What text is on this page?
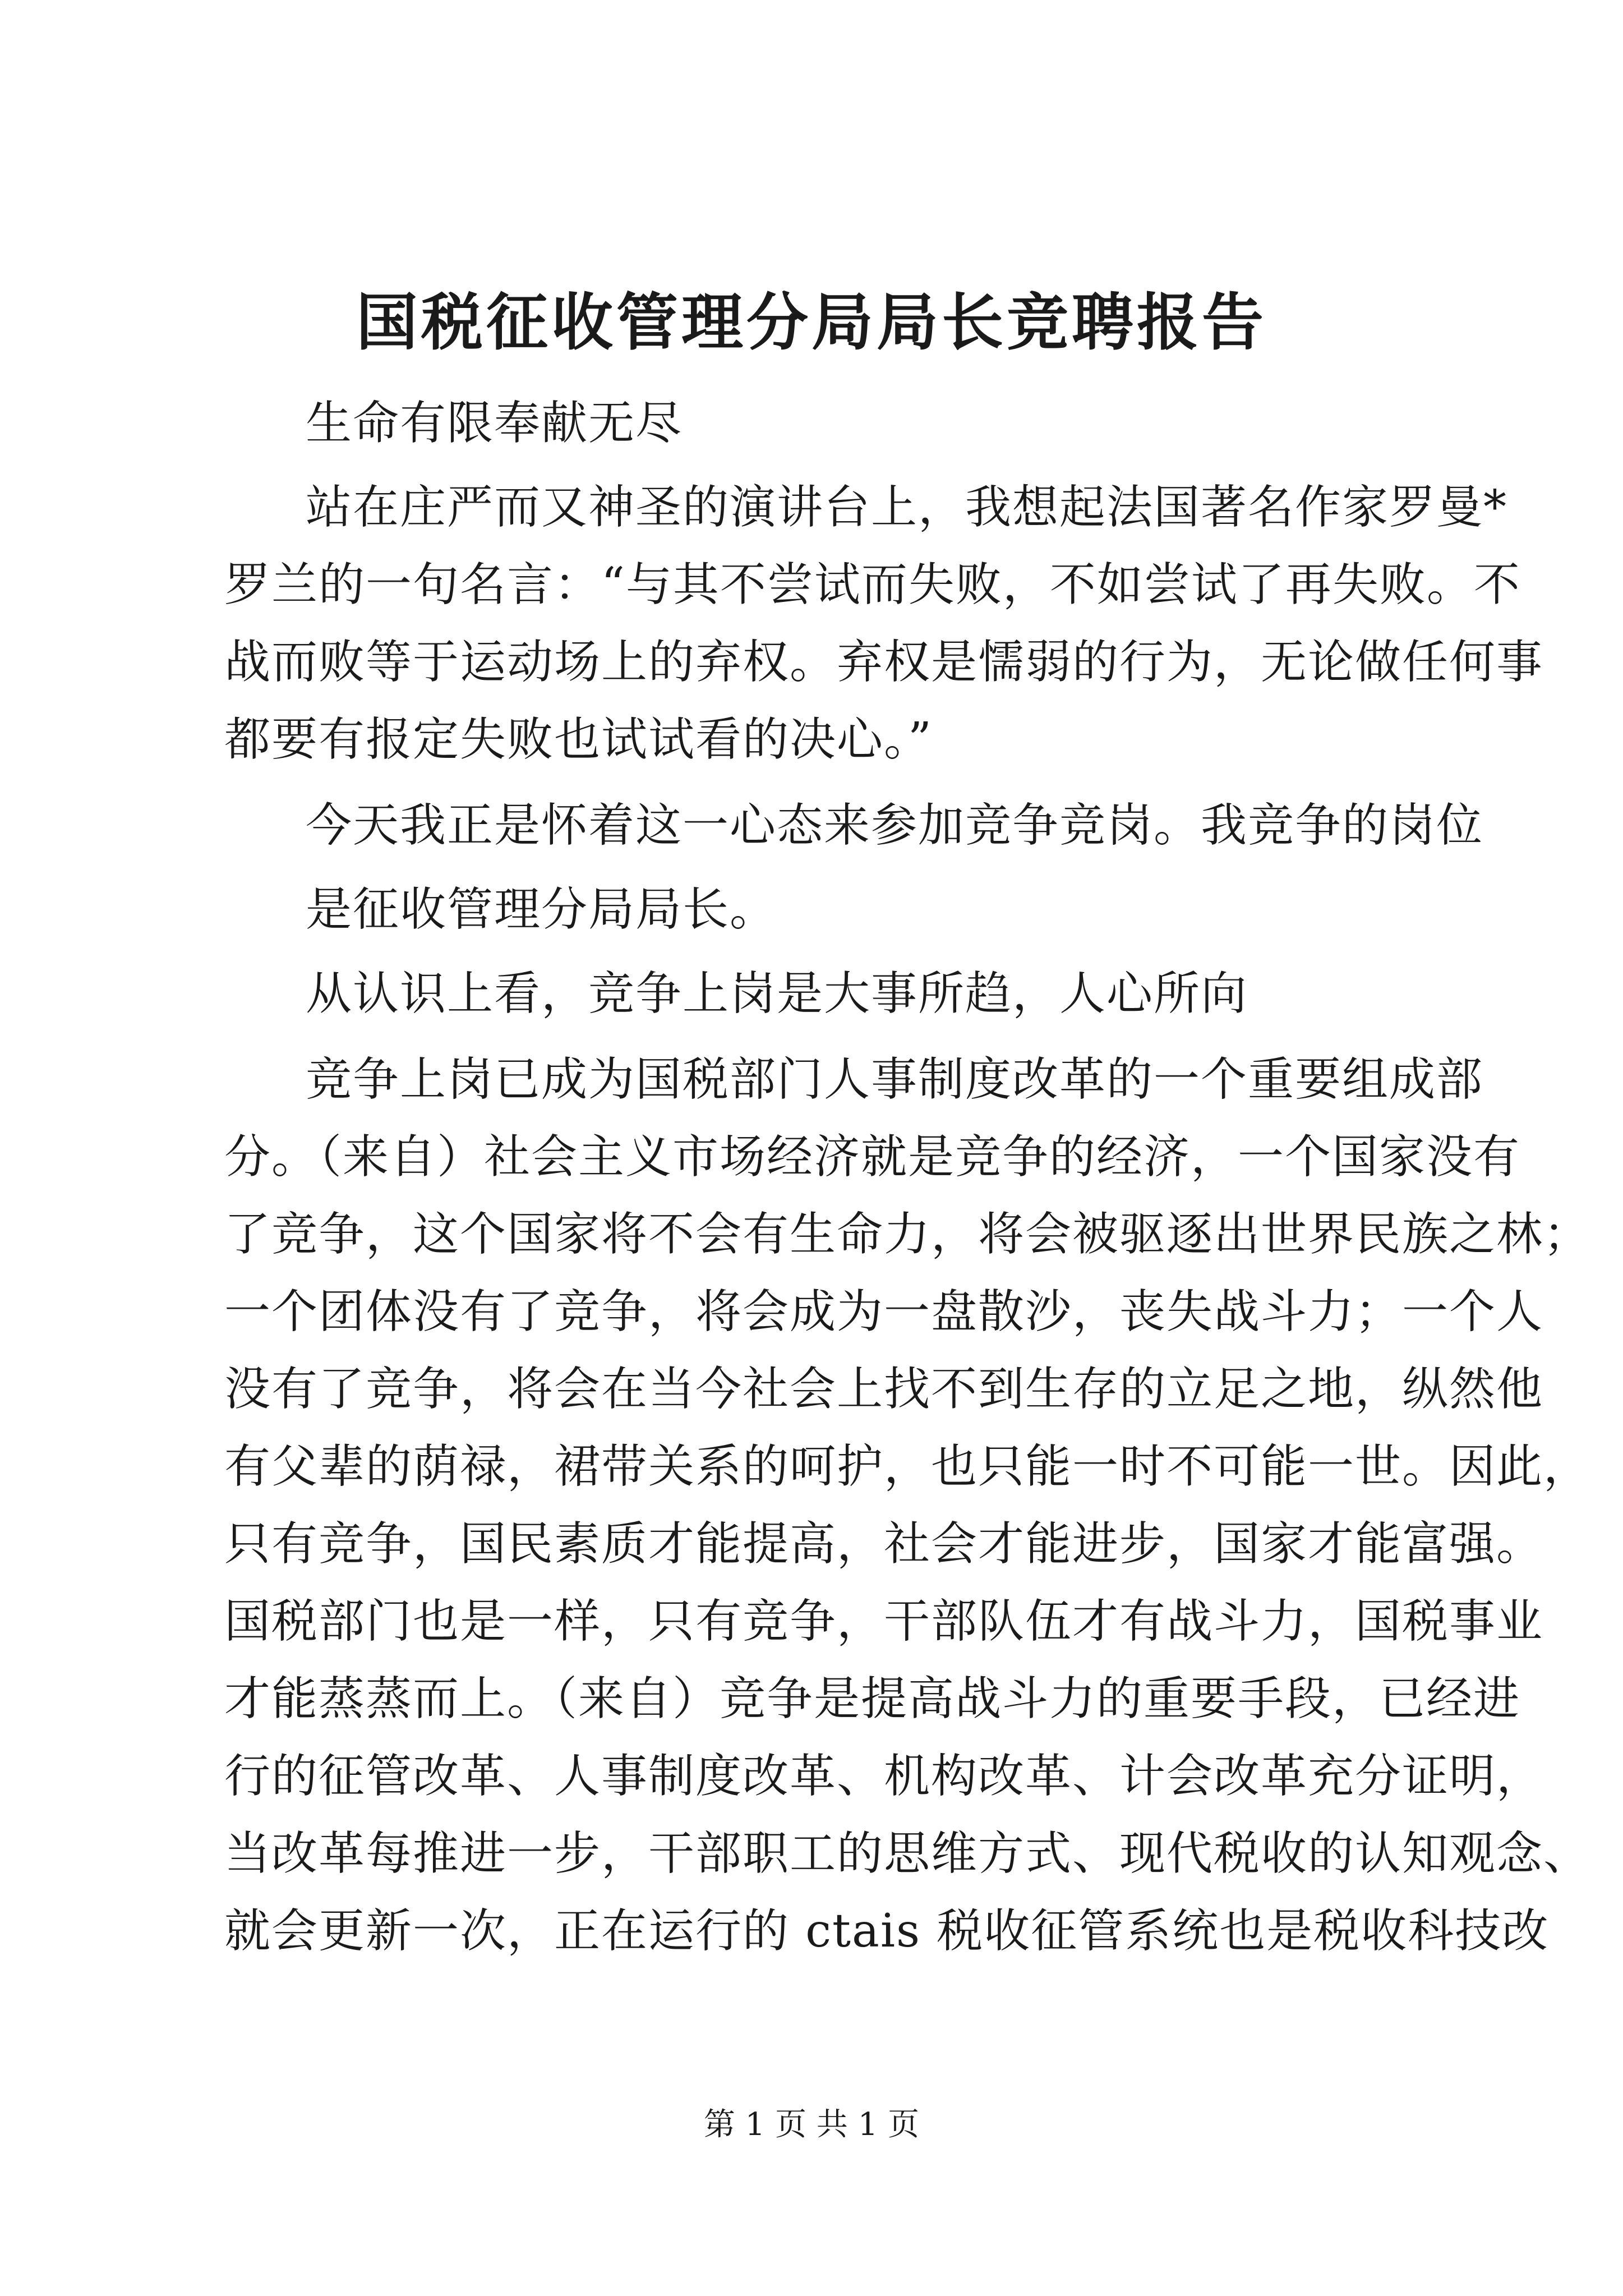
国税征收管理分局局长竞聘报告
生命有限奉献无尽
站在庄严而又神圣的演讲台上，我想起法国著名作家罗曼*
罗兰的一句名言：“与其不尝试而失败，不如尝试了再失败。不
战而败等于运动场上的弃权。弃权是懦弱的行为，无论做任何事
都要有报定失败也试试看的决心。”
今天我正是怀着这一心态来参加竞争竞岗。我竞争的岗位
是征收管理分局局长。
从认识上看，竞争上岗是大事所趋，人心所向
竞争上岗已成为国税部门人事制度改革的一个重要组成部
分。（来自）社会主义市场经济就是竞争的经济，一个国家没有
了竞争，这个国家将不会有生命力，将会被驱逐出世界民族之林；
一个团体没有了竞争，将会成为一盘散沙，丧失战斗力；一个人
没有了竞争，将会在当今社会上找不到生存的立足之地，纵然他
有父辈的荫禄，裙带关系的呵护，也只能一时不可能一世。因此，
只有竞争，国民素质才能提高，社会才能进步，国家才能富强。
国税部门也是一样，只有竞争，干部队伍才有战斗力，国税事业
才能蒸蒸而上。（来自）竞争是提高战斗力的重要手段，已经进
行的征管改革、人事制度改革、机构改革、计会改革充分证明，
当改革每推进一步，干部职工的思维方式、现代税收的认知观念、
就会更新一次，正在运行的 ctais 税收征管系统也是税收科技改
第 1 页 共 1 页
